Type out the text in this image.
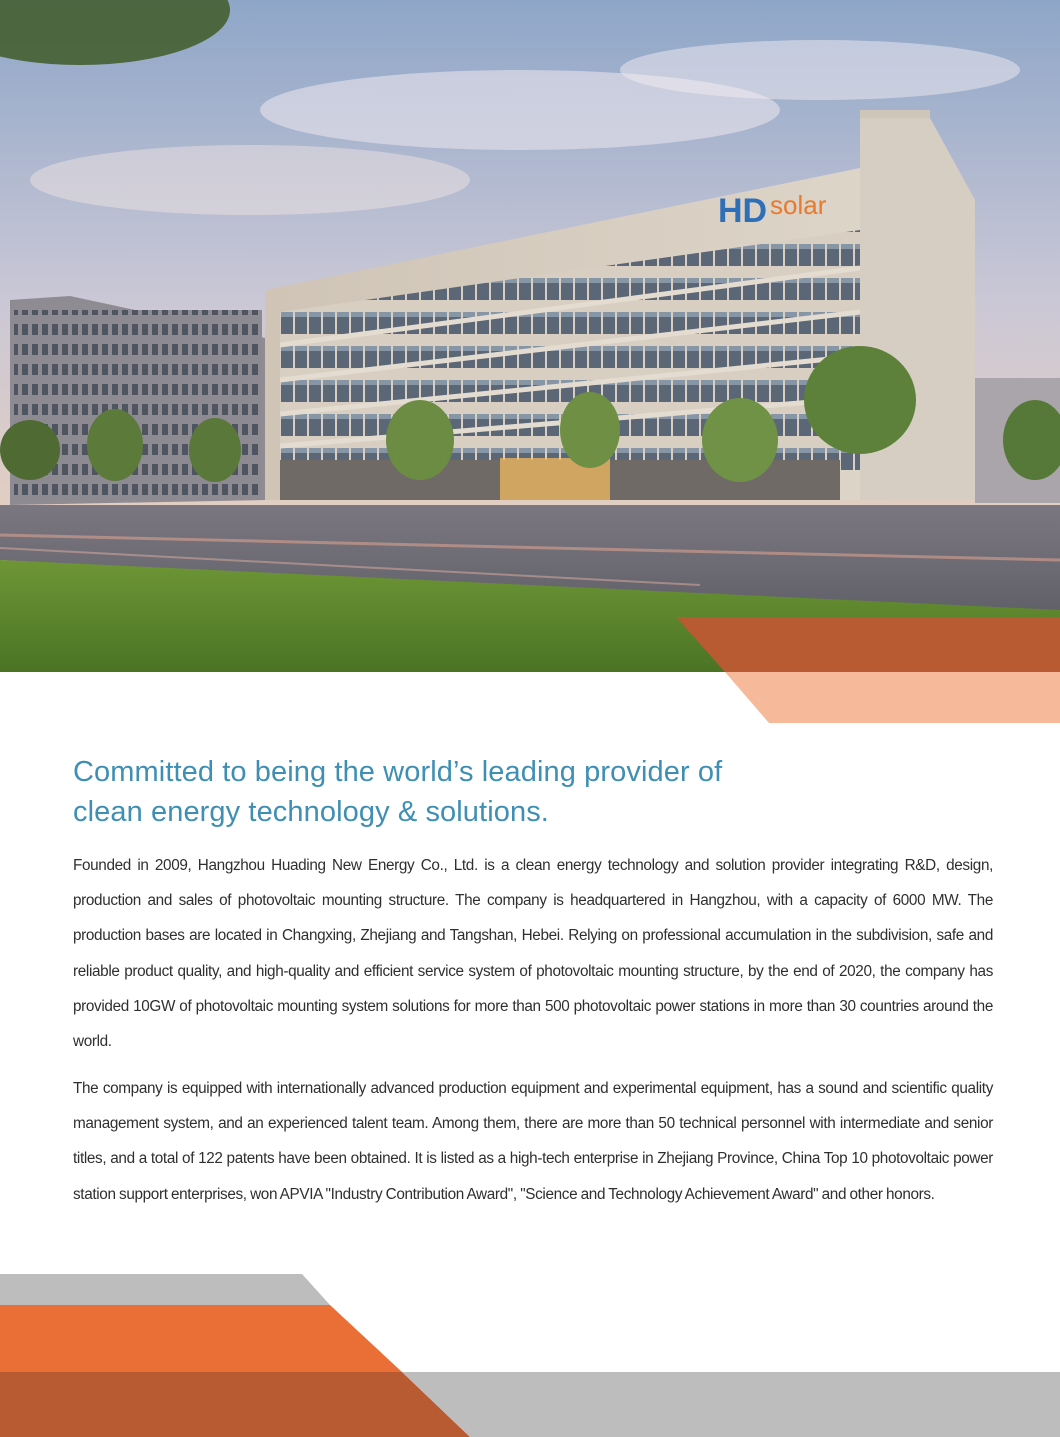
HD solar
Committed to being the world’s leading provider of
clean energy technology & solutions.

Founded in 2009, Hangzhou Huading New Energy Co., Ltd. is a clean energy technology and solution provider integrating R&D, design, production and sales of photovoltaic mounting structure. The company is headquartered in Hangzhou, with a capacity of 6000 MW. The production bases are located in Changxing, Zhejiang and Tangshan, Hebei. Relying on professional accumulation in the subdivision, safe and reliable product quality, and high-quality and efficient service system of photovoltaic mounting structure, by the end of 2020, the company has provided 10GW of photovoltaic mounting system solutions for more than 500 photovoltaic power stations in more than 30 countries around the world.

The company is equipped with internationally advanced production equipment and experimental equipment, has a sound and scientific quality management system, and an experienced talent team. Among them, there are more than 50 technical personnel with intermediate and senior titles, and a total of 122 patents have been obtained. It is listed as a high-tech enterprise in Zhejiang Province, China Top 10 photovoltaic power station support enterprises, won APVIA "Industry Contribution Award", "Science and Technology Achievement Award" and other honors.
